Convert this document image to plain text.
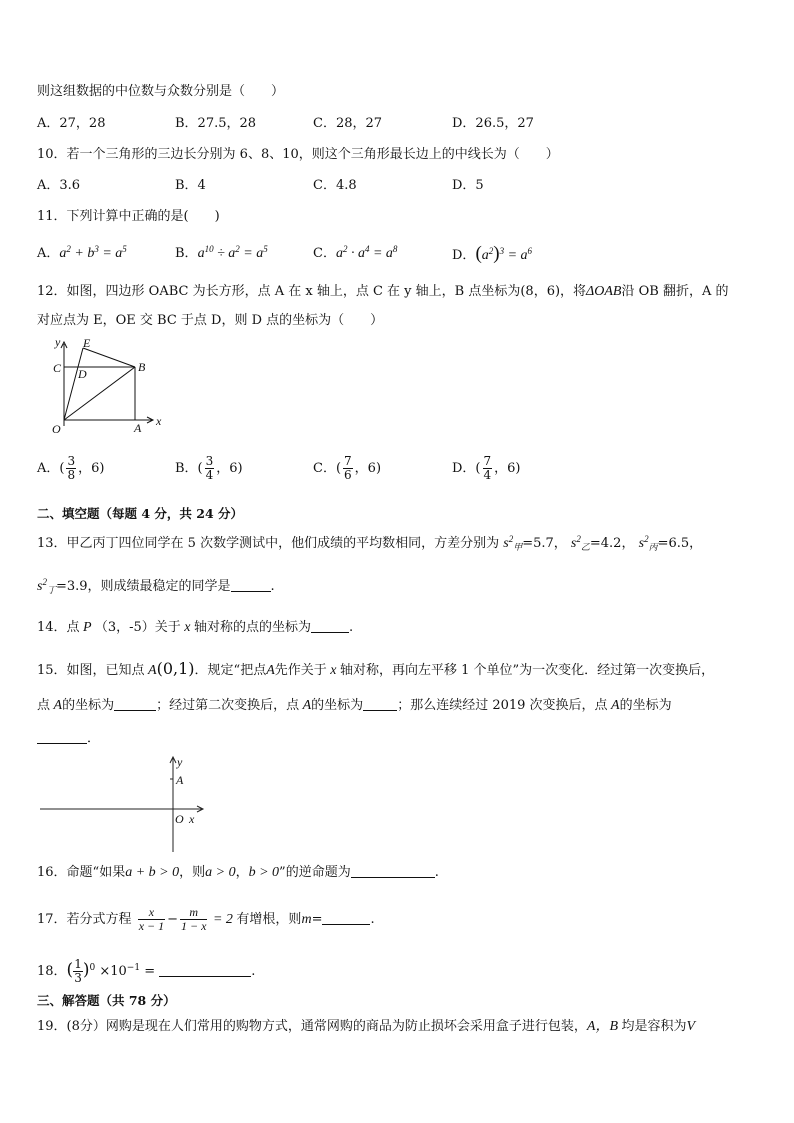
则这组数据的中位数与众数分别是（　　）
A．27，28	B．27.5，28	C．28，27	D．26.5，27
10．若一个三角形的三边长分别为 6、8、10，则这个三角形最长边上的中线长为（　　）
A．3.6	B．4	C．4.8	D．5
11．下列计算中正确的是(　　)
A．$a^2 + b^3 = a^5$	B．$a^{10} \div a^2 = a^5$	C．$a^2 \cdot a^4 = a^8$	D．$(a^2)^3 = a^6$
12．如图，四边形 OABC 为长方形，点 A 在 x 轴上，点 C 在 y 轴上，B 点坐标为(8，6)，将ΔOAB沿 OB 翻折，A 的
对应点为 E，OE 交 BC 于点 D，则 D 点的坐标为（　　）
y E
C D	B
O	A x
A．( $\frac{3}{8}$ ，6)	B．( $\frac{3}{4}$ ，6)	C．( $\frac{7}{6}$ ，6)	D．( $\frac{7}{4}$ ，6)
二、填空题（每题 4 分，共 24 分）
13．甲乙丙丁四位同学在 5 次数学测试中，他们成绩的平均数相同，方差分别为 $s^2_甲=5.7$， $s^2_乙=4.2$， $s^2_丙=6.5$，
$s^2_丁=3.9$，则成绩最稳定的同学是	.
14．点 P （3，-5）关于 x 轴对称的点的坐标为	.
15．如图，已知点 A(0,1)．规定“把点A先作关于 x 轴对称，再向左平移 1 个单位”为一次变化．经过第一次变换后，
点 A的坐标为	；经过第二次变换后，点 A的坐标为	；那么连续经过 2019 次变换后，点 A的坐标为
．
y
A
O x
16．命题“如果a + b > 0，则a > 0，b > 0”的逆命题为	.
17．若分式方程 $\frac{x}{x - 1} - \frac{m}{1 - x} = 2$ 有增根，则m=	.
18．( $\frac{1}{3} )^0 \times 10^{-1}$ =	.
三、解答题（共 78 分）
19．(8分）网购是现在人们常用的购物方式，通常网购的商品为防止损坏会采用盒子进行包装，A，B 均是容积为V
